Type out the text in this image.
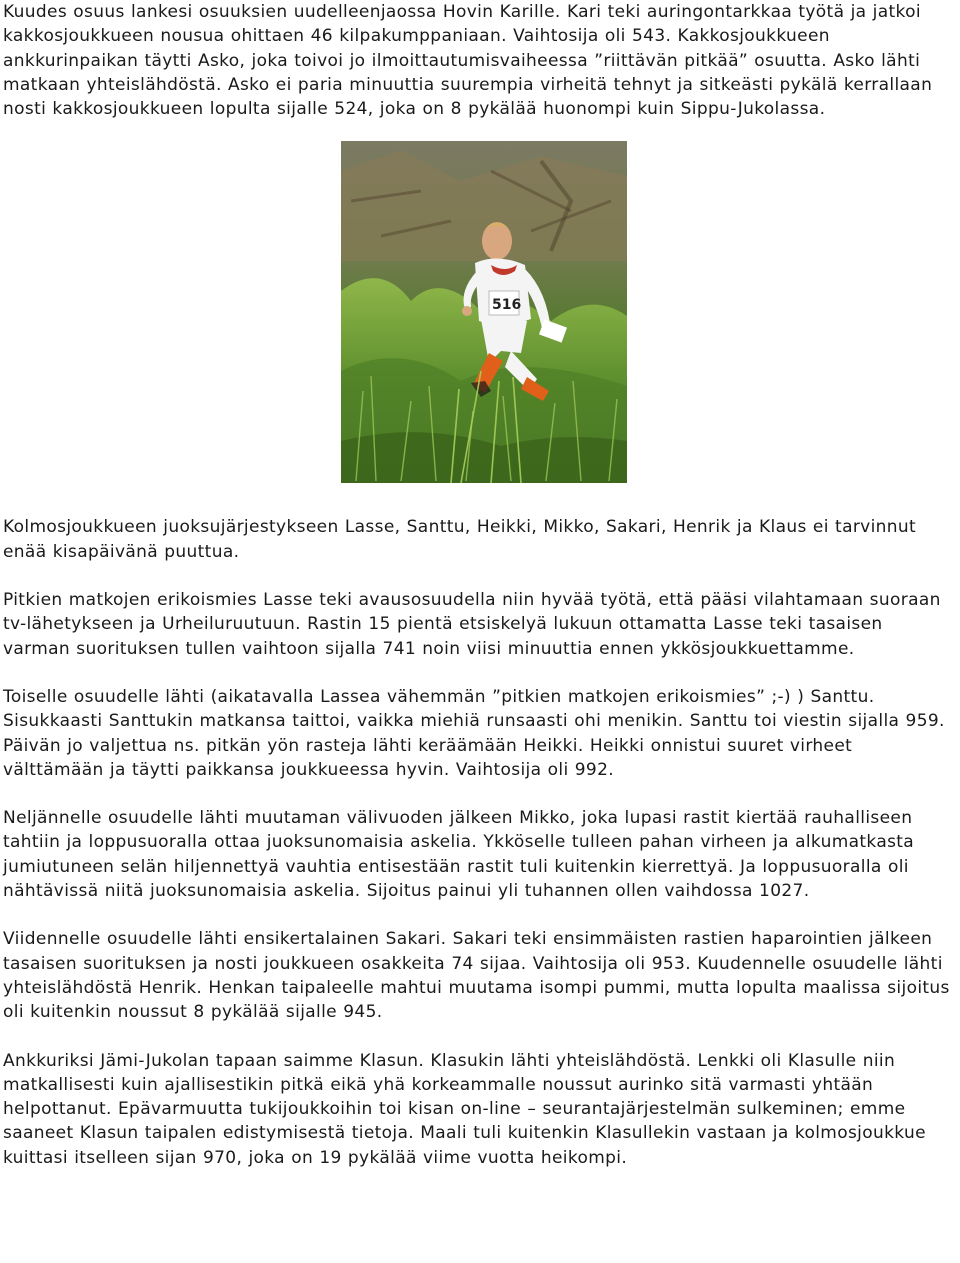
Kuudes osuus lankesi osuuksien uudelleenjaossa Hovin Karille. Kari teki auringontarkkaa työtä ja jatkoi kakkosjoukkueen nousua ohittaen 46 kilpakumppaniaan. Vaihtosija oli 543. Kakkosjoukkueen ankkurinpaikan täytti Asko, joka toivoi jo ilmoittautumisvaiheessa ”riittävän pitkää” osuutta. Asko lähti matkaan yhteislähdöstä. Asko ei paria minuuttia suurempia virheitä tehnyt ja sitkeästi pykälä kerrallaan nosti kakkosjoukkueen lopulta sijalle 524, joka on 8 pykälää huonompi kuin Sippu-Jukolassa.

516

Kolmosjoukkueen juoksujärjestykseen Lasse, Santtu, Heikki, Mikko, Sakari, Henrik ja Klaus ei tarvinnut enää kisapäivänä puuttua.

Pitkien matkojen erikoismies Lasse teki avausosuudella niin hyvää työtä, että pääsi vilahtamaan suoraan tv-lähetykseen ja Urheiluruutuun. Rastin 15 pientä etsiskelyä lukuun ottamatta Lasse teki tasaisen varman suorituksen tullen vaihtoon sijalla 741 noin viisi minuuttia ennen ykkösjoukkuettamme.

Toiselle osuudelle lähti (aikatavalla Lassea vähemmän ”pitkien matkojen erikoismies” ;-) ) Santtu. Sisukkaasti Santtukin matkansa taittoi, vaikka miehiä runsaasti ohi menikin. Santtu toi viestin sijalla 959. Päivän jo valjettua ns. pitkän yön rasteja lähti keräämään Heikki. Heikki onnistui suuret virheet välttämään ja täytti paikkansa joukkueessa hyvin. Vaihtosija oli 992.

Neljännelle osuudelle lähti muutaman välivuoden jälkeen Mikko, joka lupasi rastit kiertää rauhalliseen tahtiin ja loppusuoralla ottaa juoksunomaisia askelia. Ykköselle tulleen pahan virheen ja alkumatkasta jumiutuneen selän hiljennettyä vauhtia entisestään rastit tuli kuitenkin kierrettyä. Ja loppusuoralla oli nähtävissä niitä juoksunomaisia askelia. Sijoitus painui yli tuhannen ollen vaihdossa 1027.

Viidennelle osuudelle lähti ensikertalainen Sakari. Sakari teki ensimmäisten rastien haparointien jälkeen tasaisen suorituksen ja nosti joukkueen osakkeita 74 sijaa. Vaihtosija oli 953. Kuudennelle osuudelle lähti yhteislähdöstä Henrik. Henkan taipaleelle mahtui muutama isompi pummi, mutta lopulta maalissa sijoitus oli kuitenkin noussut 8 pykälää sijalle 945.

Ankkuriksi Jämi-Jukolan tapaan saimme Klasun. Klasukin lähti yhteislähdöstä. Lenkki oli Klasulle niin matkallisesti kuin ajallisestikin pitkä eikä yhä korkeammalle noussut aurinko sitä varmasti yhtään helpottanut. Epävarmuutta tukijoukkoihin toi kisan on-line – seurantajärjestelmän sulkeminen; emme saaneet Klasun taipalen edistymisestä tietoja. Maali tuli kuitenkin Klasullekin vastaan ja kolmosjoukkue kuittasi itselleen sijan 970, joka on 19 pykälää viime vuotta heikompi.
